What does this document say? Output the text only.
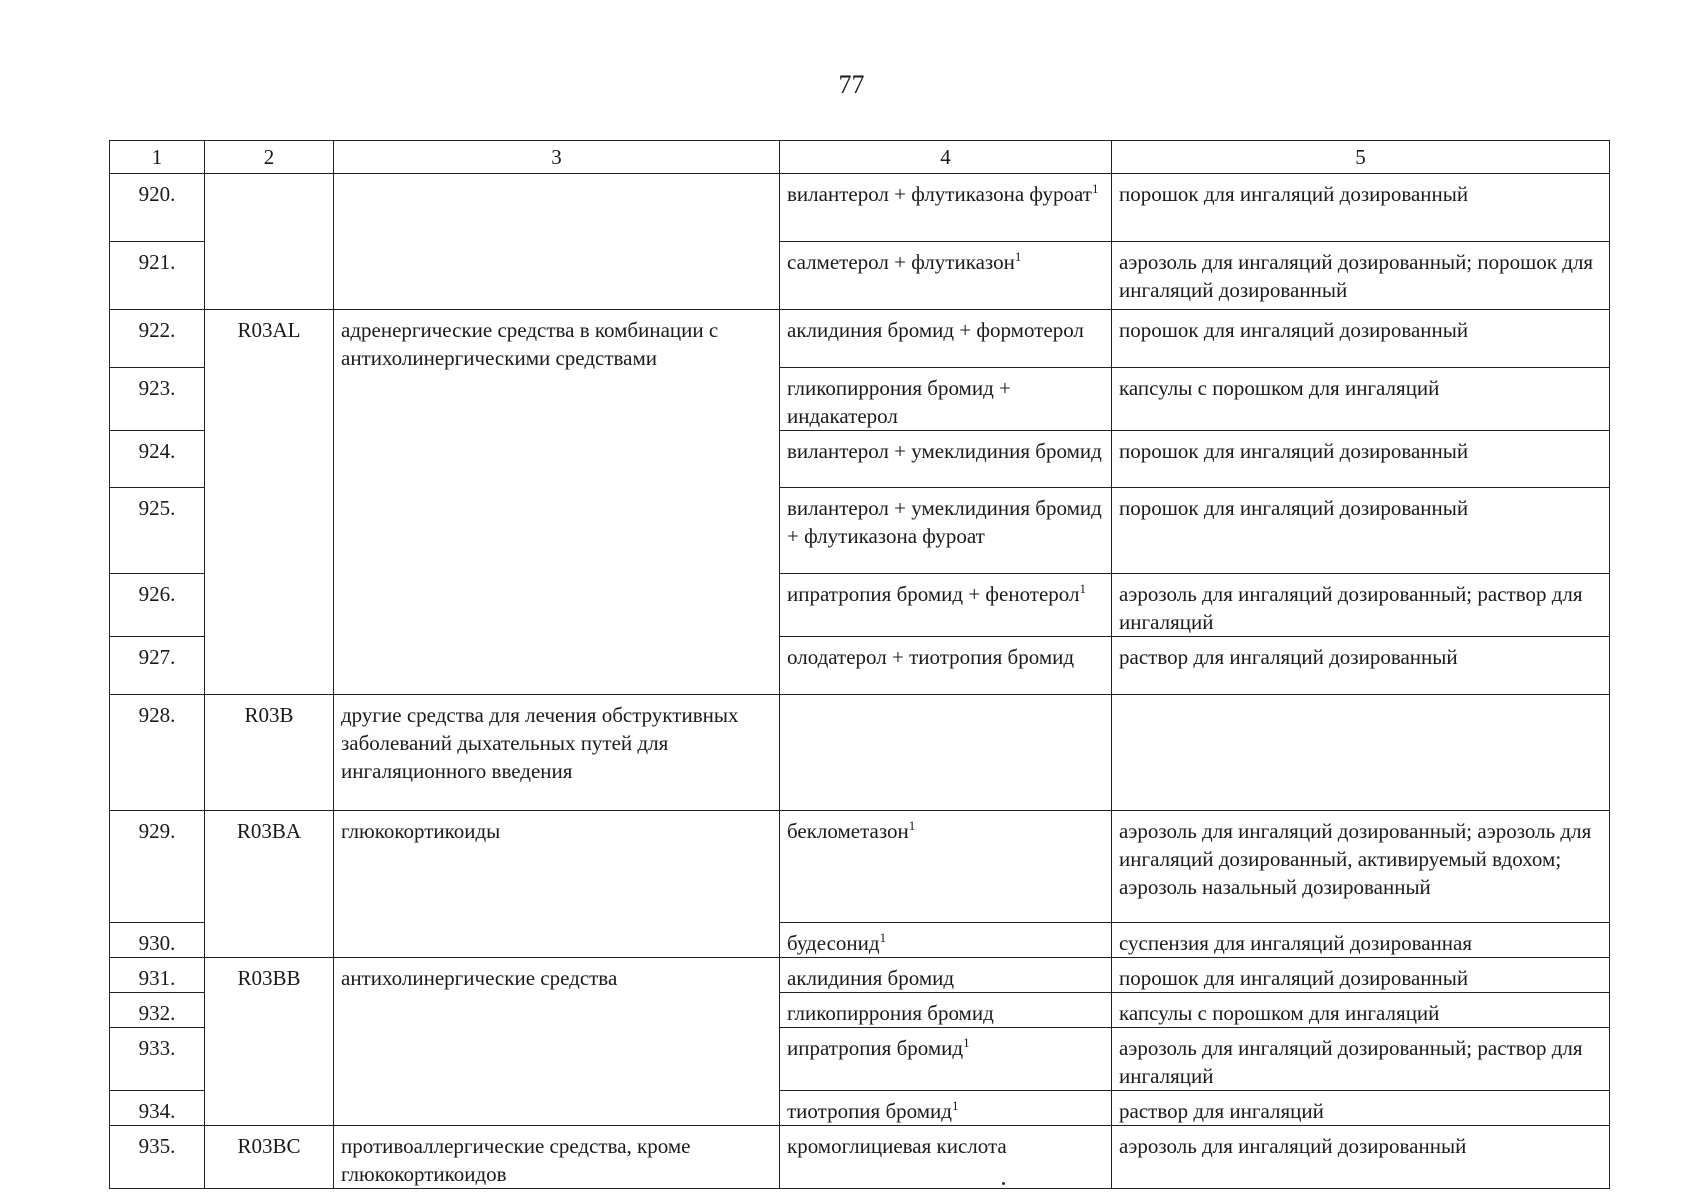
77
1	2	3	4	5
920.			вилантерол + флутиказона фуроат$^1$	порошок для ингаляций дозированный
921.			салметерол + флутиказон$^1$	аэрозоль для ингаляций дозированный; порошок для ингаляций дозированный
922.	R03AL	адренергические средства в комбинации с антихолинергическими средствами	аклидиния бромид + формотерол	порошок для ингаляций дозированный
923.			гликопиррония бромид + индакатерол	капсулы с порошком для ингаляций
924.			вилантерол + умеклидиния бромид	порошок для ингаляций дозированный
925.			вилантерол + умеклидиния бромид + флутиказона фуроат	порошок для ингаляций дозированный
926.			ипратропия бромид + фенотерол$^1$	аэрозоль для ингаляций дозированный; раствор для ингаляций
927.			олодатерол + тиотропия бромид	раствор для ингаляций дозированный
928.	R03B	другие средства для лечения обструктивных заболеваний дыхательных путей для ингаляционного введения		
929.	R03BA	глюкокортикоиды	беклометазон$^1$	аэрозоль для ингаляций дозированный; аэрозоль для ингаляций дозированный, активируемый вдохом; аэрозоль назальный дозированный
930.			будесонид$^1$	суспензия для ингаляций дозированная
931.	R03BB	антихолинергические средства	аклидиния бромид	порошок для ингаляций дозированный
932.			гликопиррония бромид	капсулы с порошком для ингаляций
933.			ипратропия бромид$^1$	аэрозоль для ингаляций дозированный; раствор для ингаляций
934.			тиотропия бромид$^1$	раствор для ингаляций
935.	R03BC	противоаллергические средства, кроме глюкокортикоидов	кромоглициевая кислота	аэрозоль для ингаляций дозированный
